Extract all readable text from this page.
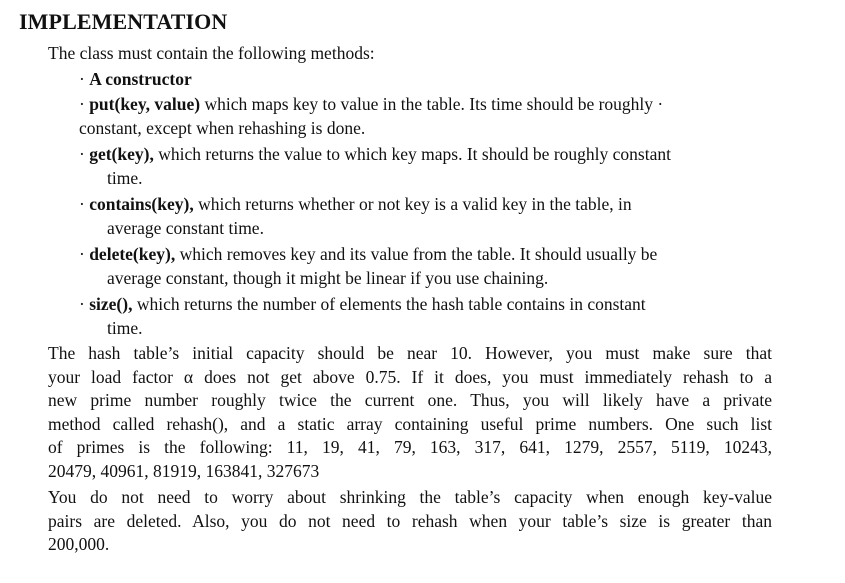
IMPLEMENTATION
The class must contain the following methods:
· A constructor
· put(key, value) which maps key to value in the table. Its time should be roughly ·
constant, except when rehashing is done.
· get(key), which returns the value to which key maps. It should be roughly constant
time.
· contains(key), which returns whether or not key is a valid key in the table, in
average constant time.
· delete(key), which removes key and its value from the table. It should usually be
average constant, though it might be linear if you use chaining.
· size(), which returns the number of elements the hash table contains in constant
time.
The hash table’s initial capacity should be near 10. However, you must make sure that
your load factor α does not get above 0.75. If it does, you must immediately rehash to a
new prime number roughly twice the current one. Thus, you will likely have a private
method called rehash(), and a static array containing useful prime numbers. One such list
of primes is the following: 11, 19, 41, 79, 163, 317, 641, 1279, 2557, 5119, 10243,
20479, 40961, 81919, 163841, 327673
You do not need to worry about shrinking the table’s capacity when enough key-value
pairs are deleted. Also, you do not need to rehash when your table’s size is greater than
200,000.
